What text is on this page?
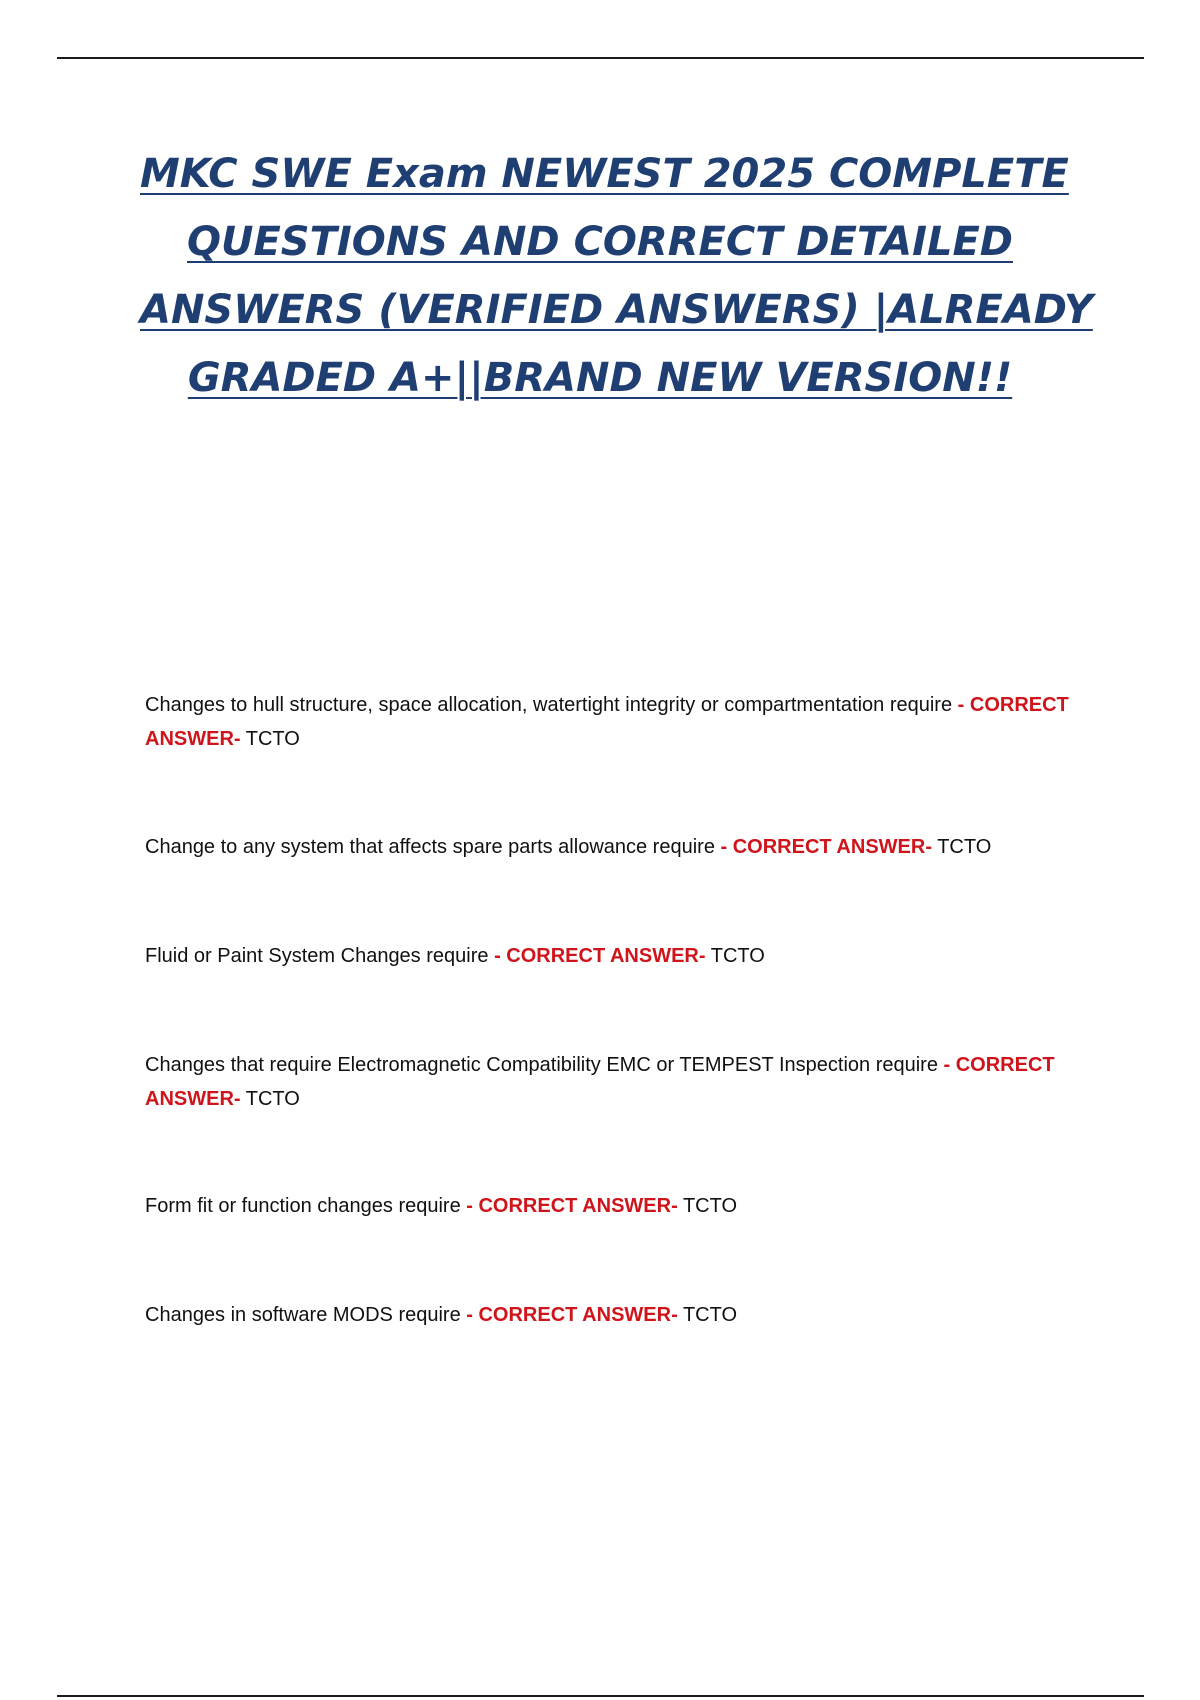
MKC SWE Exam NEWEST 2025 COMPLETE
QUESTIONS AND CORRECT DETAILED
ANSWERS (VERIFIED ANSWERS) |ALREADY
GRADED A+||BRAND NEW VERSION!!
Changes to hull structure, space allocation, watertight integrity or compartmentation require - CORRECT ANSWER- TCTO
Change to any system that affects spare parts allowance require - CORRECT ANSWER- TCTO
Fluid or Paint System Changes require - CORRECT ANSWER- TCTO
Changes that require Electromagnetic Compatibility EMC or TEMPEST Inspection require - CORRECT ANSWER- TCTO
Form fit or function changes require - CORRECT ANSWER- TCTO
Changes in software MODS require - CORRECT ANSWER- TCTO
